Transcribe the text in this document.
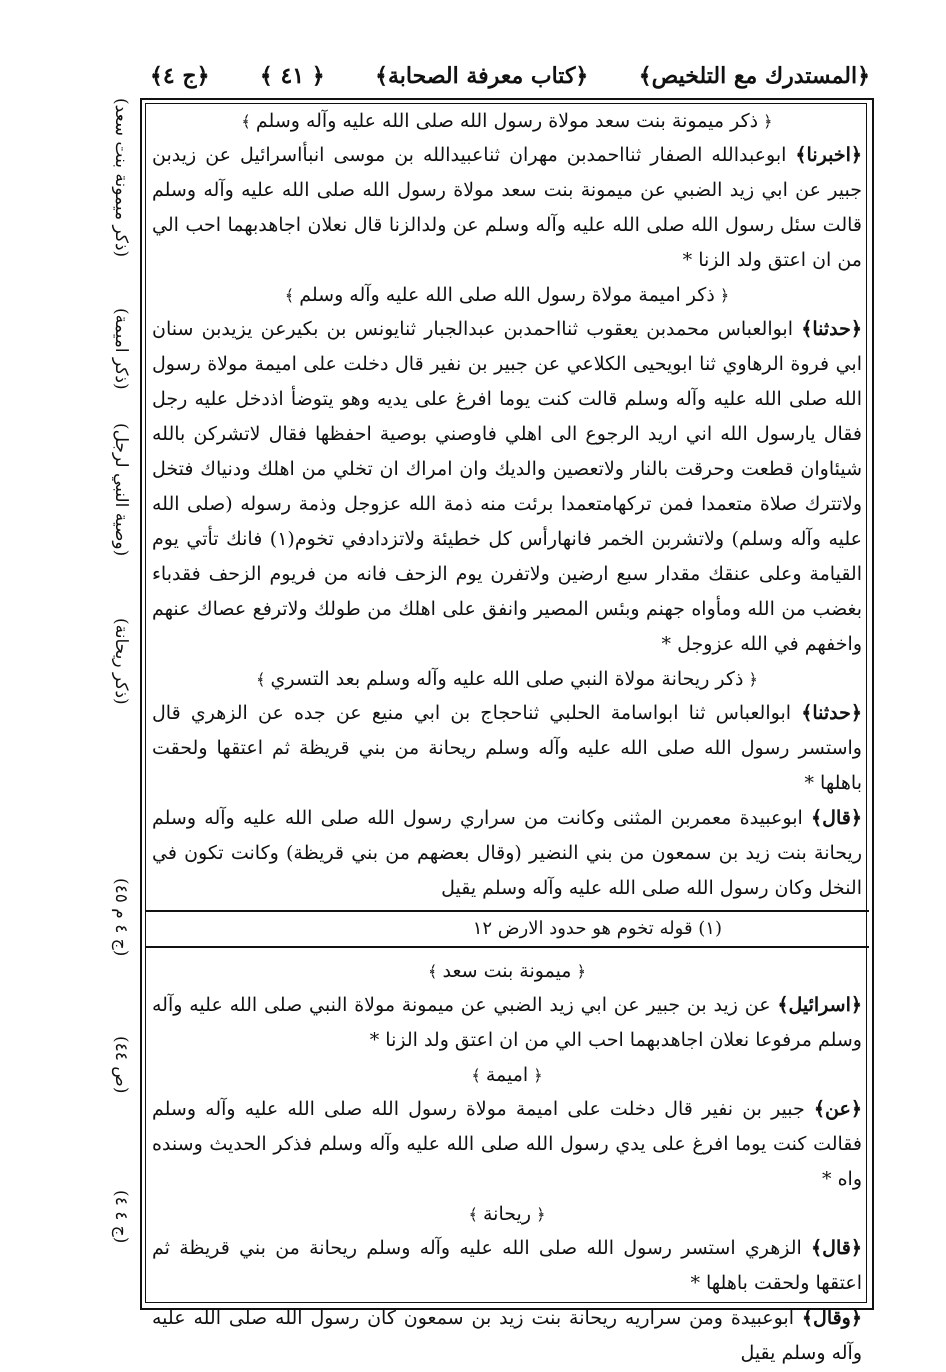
﴿المستدرك مع التلخيص﴾
﴿كتاب معرفة الصحابة﴾
﴿ ٤١ ﴾
﴿ج ٤﴾
(ذكر ميمونة بنت سعد)
(ذكر اميمة)
(وصية النبي لرجل)
(ذكر ريحانة)
(ج ٤ م ٤٥)
(ص ٤٤)
(ج ٤ ٤)
﴿ ذكر ميمونة بنت سعد مولاة رسول الله صلى الله عليه وآله وسلم ﴾

﴿اخبرنا﴾ ابوعبدالله الصفار ثنااحمدبن مهران ثناعبيدالله بن موسى انبأاسرائيل عن زيدبن جبير عن ابي زيد الضبي عن ميمونة بنت سعد مولاة رسول الله صلى الله عليه وآله وسلم قالت سئل رسول الله صلى الله عليه وآله وسلم عن ولدالزنا قال نعلان اجاهدبهما احب الي من ان اعتق ولد الزنا *

﴿ ذكر اميمة مولاة رسول الله صلى الله عليه وآله وسلم ﴾

﴿حدثنا﴾ ابوالعباس محمدبن يعقوب ثنااحمدبن عبدالجبار ثنايونس بن بكيرعن يزيدبن سنان ابي فروة الرهاوي ثنا ابويحيى الكلاعي عن جبير بن نفير قال دخلت على اميمة مولاة رسول الله صلى الله عليه وآله وسلم قالت كنت يوما افرغ على يديه وهو يتوضأ اذدخل عليه رجل فقال يارسول الله اني اريد الرجوع الى اهلي فاوصني بوصية احفظها فقال لاتشركن بالله شيئاوان قطعت وحرقت بالنار ولاتعصين والديك وان امراك ان تخلي من اهلك ودنياك فتخل ولاتترك صلاة متعمدا فمن تركهامتعمدا برئت منه ذمة الله عزوجل وذمة رسوله (صلى الله عليه وآله وسلم) ولاتشربن الخمر فانهارأس كل خطيئة ولاتزدادفي تخوم(١) فانك تأتي يوم القيامة وعلى عنقك مقدار سبع ارضين ولاتفرن يوم الزحف فانه من فريوم الزحف فقدباء بغضب من الله ومأواه جهنم وبئس المصير وانفق على اهلك من طولك ولاترفع عصاك عنهم واخفهم في الله عزوجل *

﴿ ذكر ريحانة مولاة النبي صلى الله عليه وآله وسلم بعد التسري ﴾

﴿حدثنا﴾ ابوالعباس ثنا ابواسامة الحلبي ثناحجاج بن ابي منيع عن جده عن الزهري قال واستسر رسول الله صلى الله عليه وآله وسلم ريحانة من بني قريظة ثم اعتقها ولحقت باهلها *

﴿قال﴾ ابوعبيدة معمربن المثنى وكانت من سراري رسول الله صلى الله عليه وآله وسلم ريحانة بنت زيد بن سمعون من بني النضير (وقال بعضهم من بني قريظة) وكانت تكون في النخل وكان رسول الله صلى الله عليه وآله وسلم يقيل

(١) قوله تخوم هو حدود الارض ١٢
﴿ ميمونة بنت سعد ﴾

﴿اسرائيل﴾ عن زيد بن جبير عن ابي زيد الضبي عن ميمونة مولاة النبي صلى الله عليه وآله وسلم مرفوعا نعلان اجاهدبهما احب الي من ان اعتق ولد الزنا *

﴿ اميمة ﴾

﴿عن﴾ جبير بن نفير قال دخلت على اميمة مولاة رسول الله صلى الله عليه وآله وسلم فقالت كنت يوما افرغ على يدي رسول الله صلى الله عليه وآله وسلم فذكر الحديث وسنده واه *

﴿ ريحانة ﴾

﴿قال﴾ الزهري استسر رسول الله صلى الله عليه وآله وسلم ريحانة من بني قريظة ثم اعتقها ولحقت باهلها *

﴿وقال﴾ ابوعبيدة ومن سراريه ريحانة بنت زيد بن سمعون كان رسول الله صلى الله عليه وآله وسلم يقيل
